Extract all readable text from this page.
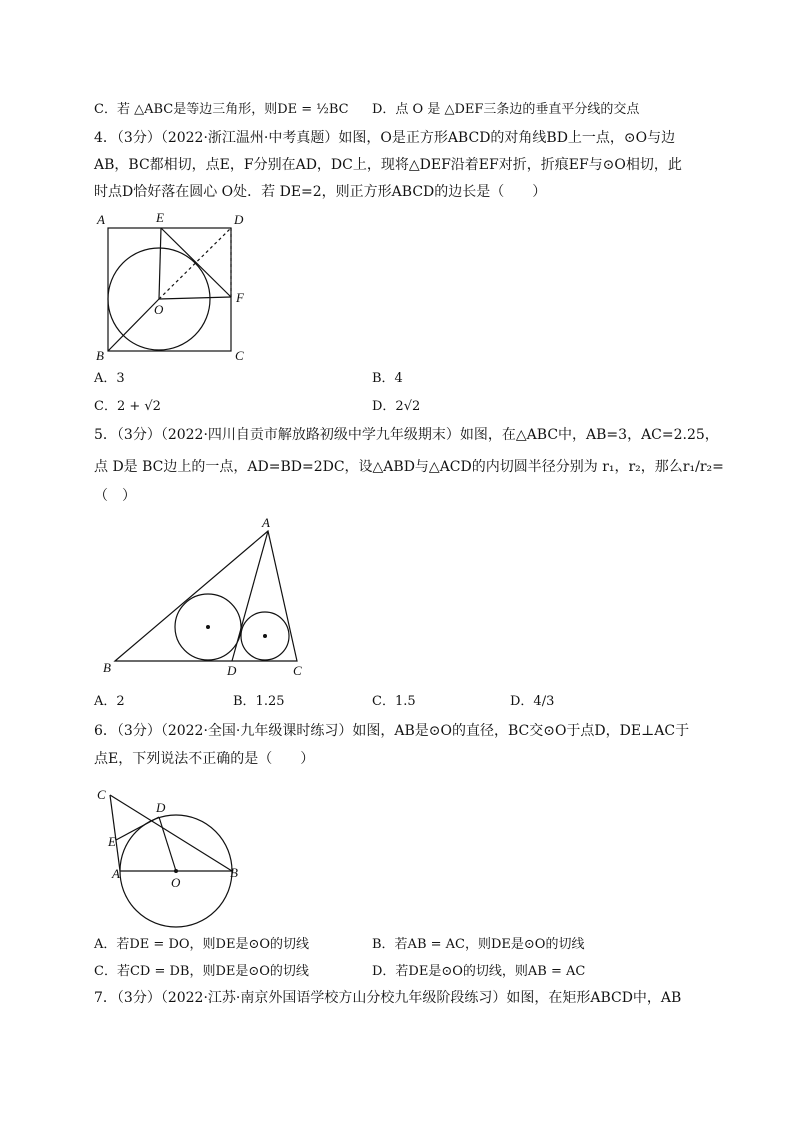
C．若 △ABC是等边三角形，则DE = ½BC D．点 O 是 △DEF三条边的垂直平分线的交点
4．（3分）（2022·浙江温州·中考真题）如图，O是正方形ABCD的对角线BD上一点，⊙O与边
AB，BC都相切，点E，F分别在AD，DC上，现将△DEF沿着EF对折，折痕EF与⊙O相切，此
时点D恰好落在圆心 O处．若 DE=2，则正方形ABCD的边长是（　　）
A	E	D
F
O
B	C
A．3	B．4
C．2 + √2	D．2√2
5．（3分）（2022·四川自贡市解放路初级中学九年级期末）如图，在△ABC中，AB=3，AC=2.25，
点 D是 BC边上的一点，AD=BD=2DC，设△ABD与△ACD的内切圆半径分别为 r₁，r₂，那么r₁/r₂=
（　）
A
B	D	C
A．2	B．1.25	C．1.5	D．4/3
6．（3分）（2022·全国·九年级课时练习）如图，AB是⊙O的直径，BC交⊙O于点D，DE⊥AC于
点E，下列说法不正确的是（　　）
C
D
E
A
O
B
A．若DE = DO，则DE是⊙O的切线	B．若AB = AC，则DE是⊙O的切线
C．若CD = DB，则DE是⊙O的切线	D．若DE是⊙O的切线，则AB = AC
7．（3分）（2022·江苏·南京外国语学校方山分校九年级阶段练习）如图，在矩形ABCD中，AB
